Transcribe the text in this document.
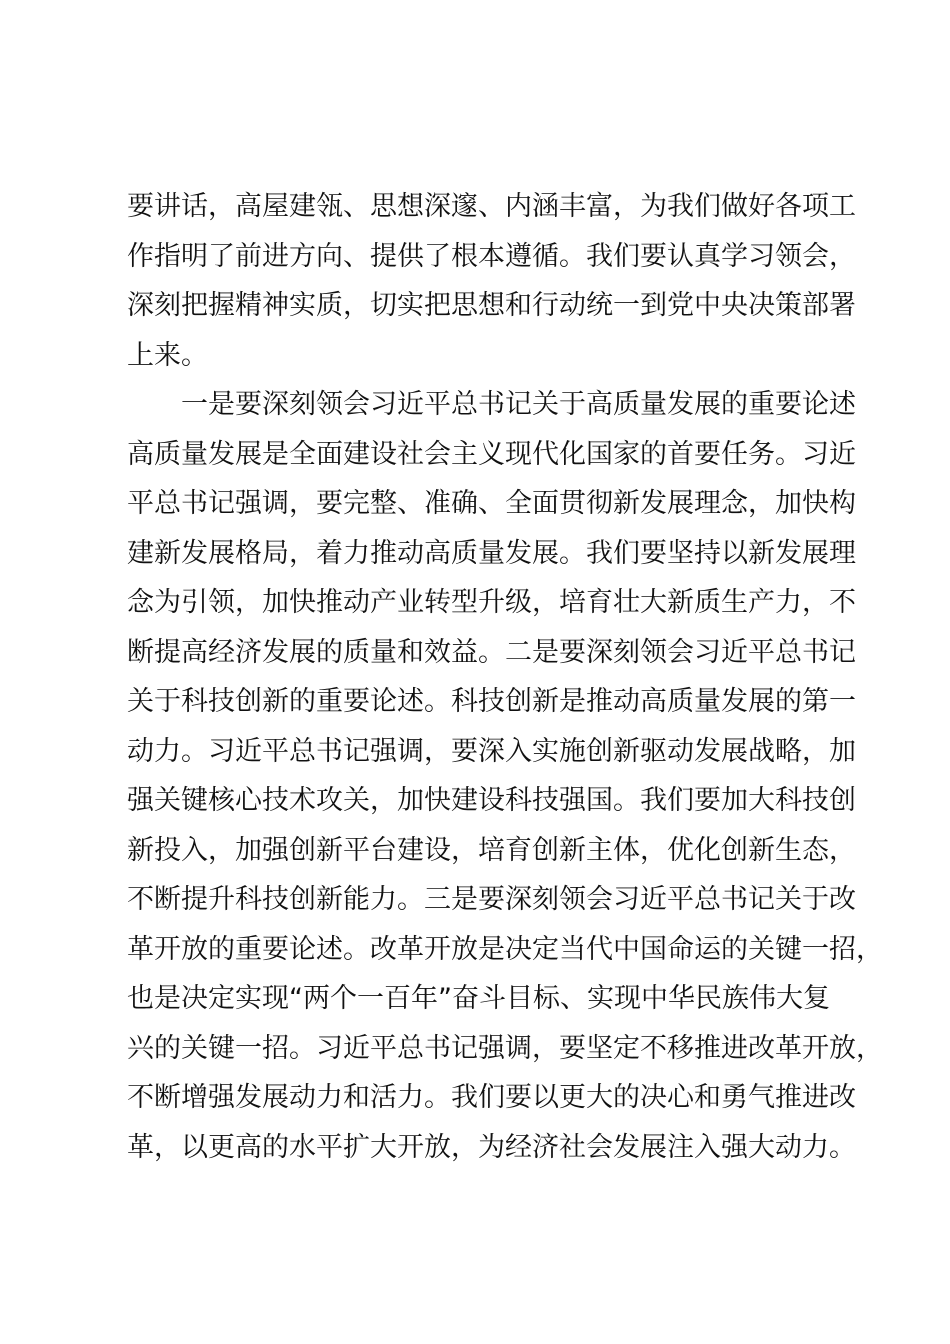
要讲话，高屋建瓴、思想深邃、内涵丰富，为我们做好各项工
作指明了前进方向、提供了根本遵循。我们要认真学习领会，
深刻把握精神实质，切实把思想和行动统一到党中央决策部署
上来。
　　一是要深刻领会习近平总书记关于高质量发展的重要论述
高质量发展是全面建设社会主义现代化国家的首要任务。习近
平总书记强调，要完整、准确、全面贯彻新发展理念，加快构
建新发展格局，着力推动高质量发展。我们要坚持以新发展理
念为引领，加快推动产业转型升级，培育壮大新质生产力，不
断提高经济发展的质量和效益。二是要深刻领会习近平总书记
关于科技创新的重要论述。科技创新是推动高质量发展的第一
动力。习近平总书记强调，要深入实施创新驱动发展战略，加
强关键核心技术攻关，加快建设科技强国。我们要加大科技创
新投入，加强创新平台建设，培育创新主体，优化创新生态，
不断提升科技创新能力。三是要深刻领会习近平总书记关于改
革开放的重要论述。改革开放是决定当代中国命运的关键一招，
也是决定实现“两个一百年”奋斗目标、实现中华民族伟大复
兴的关键一招。习近平总书记强调，要坚定不移推进改革开放，
不断增强发展动力和活力。我们要以更大的决心和勇气推进改
革，以更高的水平扩大开放，为经济社会发展注入强大动力。
